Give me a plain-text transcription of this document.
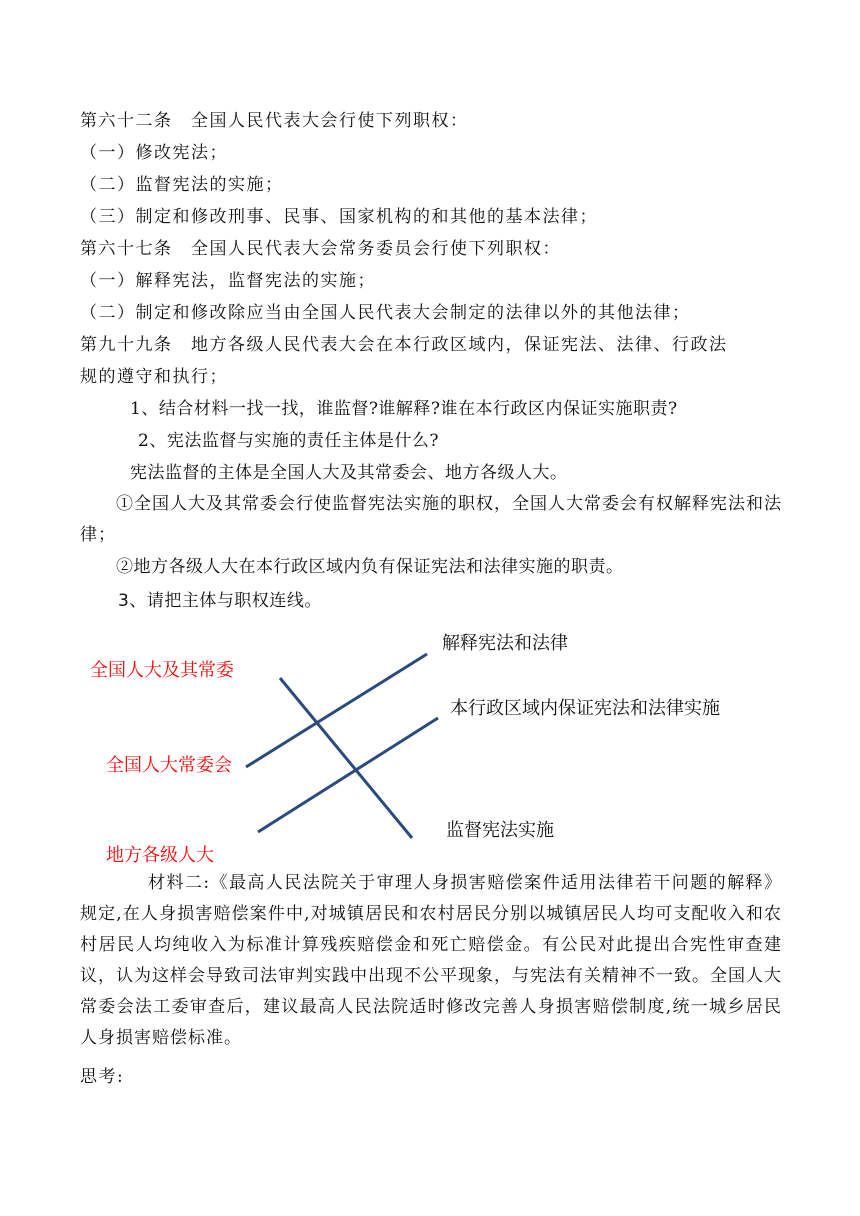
第六十二条　全国人民代表大会行使下列职权：
（一）修改宪法；
（二）监督宪法的实施；
（三）制定和修改刑事、民事、国家机构的和其他的基本法律；
第六十七条　全国人民代表大会常务委员会行使下列职权：
（一）解释宪法，监督宪法的实施；
（二）制定和修改除应当由全国人民代表大会制定的法律以外的其他法律；
第九十九条　地方各级人民代表大会在本行政区域内，保证宪法、法律、行政法
规的遵守和执行；
1、结合材料一找一找，谁监督?谁解释?谁在本行政区内保证实施职责?
2、宪法监督与实施的责任主体是什么?
宪法监督的主体是全国人大及其常委会、地方各级人大。
①全国人大及其常委会行使监督宪法实施的职权，全国人大常委会有权解释宪法和法律；
②地方各级人大在本行政区域内负有保证宪法和法律实施的职责。
3、请把主体与职权连线。
全国人大及其常委
全国人大常委会
地方各级人大
解释宪法和法律
本行政区域内保证宪法和法律实施
监督宪法实施
材料二:《最高人民法院关于审理人身损害赔偿案件适用法律若干问题的解释》规定,在人身损害赔偿案件中,对城镇居民和农村居民分别以城镇居民人均可支配收入和农村居民人均纯收入为标准计算残疾赔偿金和死亡赔偿金。有公民对此提出合宪性审查建议，认为这样会导致司法审判实践中出现不公平现象，与宪法有关精神不一致。全国人大常委会法工委审查后，建议最高人民法院适时修改完善人身损害赔偿制度,统一城乡居民人身损害赔偿标准。
思考:
